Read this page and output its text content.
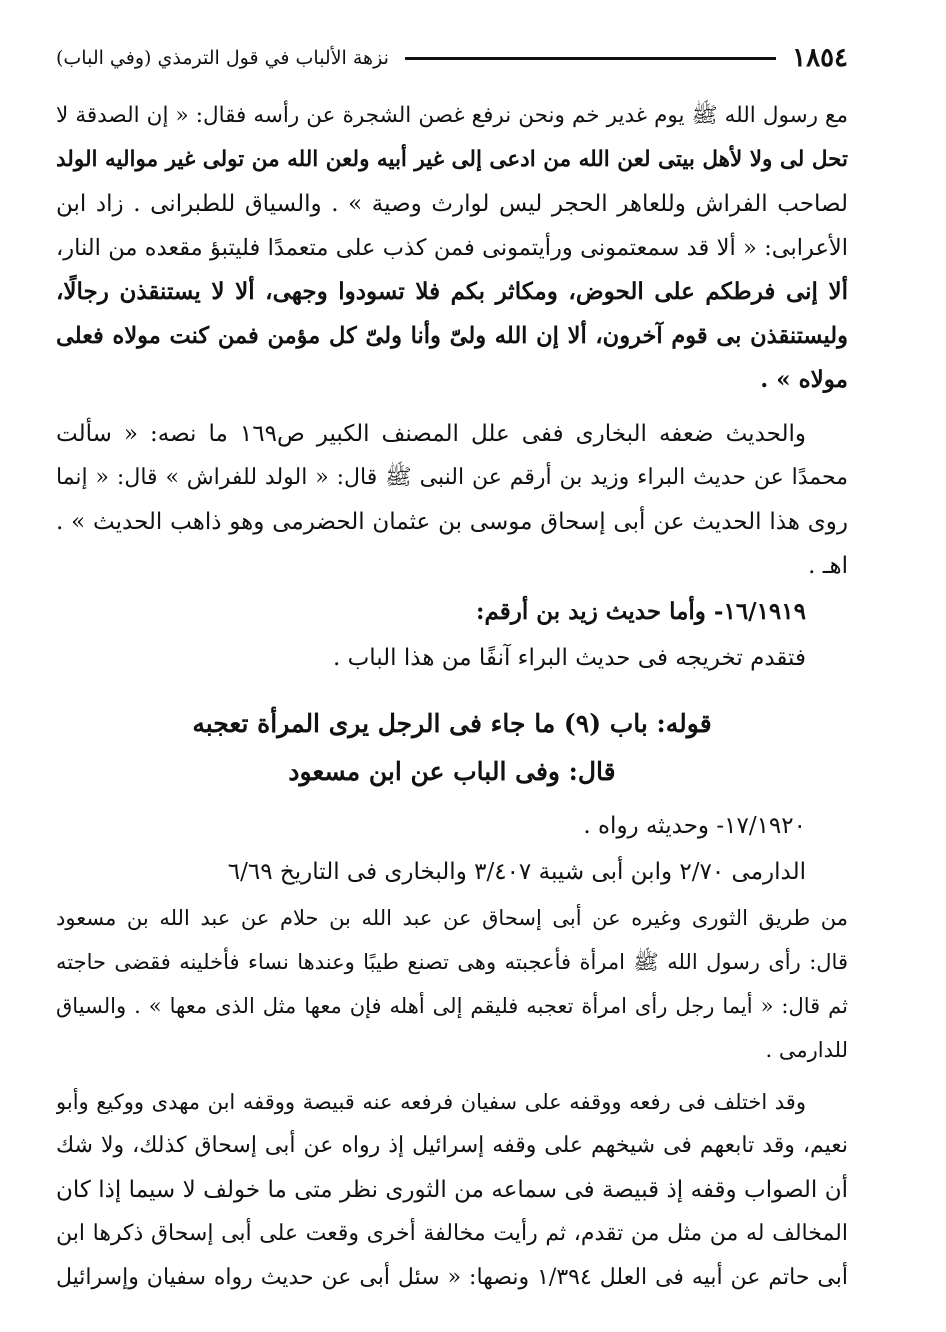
نزهة الألباب في قول الترمذي (وفي الباب)	١٨٥٤
مع رسول الله ﷺ يوم غدير خم ونحن نرفع غصن الشجرة عن رأسه فقال: « إن الصدقة لا
تحل لى ولا لأهل بيتى لعن الله من ادعى إلى غير أبيه ولعن الله من تولى غير مواليه الولد
لصاحب الفراش وللعاهر الحجر ليس لوارث وصية » . والسياق للطبرانى . زاد ابن
الأعرابى: « ألا قد سمعتمونى ورأيتمونى فمن كذب على متعمدًا فليتبؤ مقعده من النار،
ألا إنى فرطكم على الحوض، ومكاثر بكم فلا تسودوا وجهى، ألا لا يستنقذن رجالًا،
وليستنقذن بى قوم آخرون، ألا إن الله ولىّ وأنا ولىّ كل مؤمن فمن كنت مولاه فعلى
مولاه » .
والحديث ضعفه البخارى ففى علل المصنف الكبير ص١٦٩ ما نصه: « سألت
محمدًا عن حديث البراء وزيد بن أرقم عن النبى ﷺ قال: « الولد للفراش » قال: « إنما
روى هذا الحديث عن أبى إسحاق موسى بن عثمان الحضرمى وهو ذاهب الحديث » .
اهـ .
١٦/١٩١٩- وأما حديث زيد بن أرقم:
فتقدم تخريجه فى حديث البراء آنفًا من هذا الباب .
قوله: باب (٩) ما جاء فى الرجل يرى المرأة تعجبه
قال: وفى الباب عن ابن مسعود
١٧/١٩٢٠- وحديثه رواه .
الدارمى ٢/٧٠ وابن أبى شيبة ٣/٤٠٧ والبخارى فى التاريخ ٦/٦٩
من طريق الثورى وغيره عن أبى إسحاق عن عبد الله بن حلام عن عبد الله بن مسعود
قال: رأى رسول الله ﷺ امرأة فأعجبته وهى تصنع طيبًا وعندها نساء فأخلينه فقضى حاجته
ثم قال: « أيما رجل رأى امرأة تعجبه فليقم إلى أهله فإن معها مثل الذى معها » . والسياق
للدارمى .
وقد اختلف فى رفعه ووقفه على سفيان فرفعه عنه قبيصة ووقفه ابن مهدى ووكيع وأبو
نعيم، وقد تابعهم فى شيخهم على وقفه إسرائيل إذ رواه عن أبى إسحاق كذلك، ولا شك
أن الصواب وقفه إذ قبيصة فى سماعه من الثورى نظر متى ما خولف لا سيما إذا كان
المخالف له من مثل من تقدم، ثم رأيت مخالفة أخرى وقعت على أبى إسحاق ذكرها ابن
أبى حاتم عن أبيه فى العلل ١/٣٩٤ ونصها: « سئل أبى عن حديث رواه سفيان وإسرائيل
